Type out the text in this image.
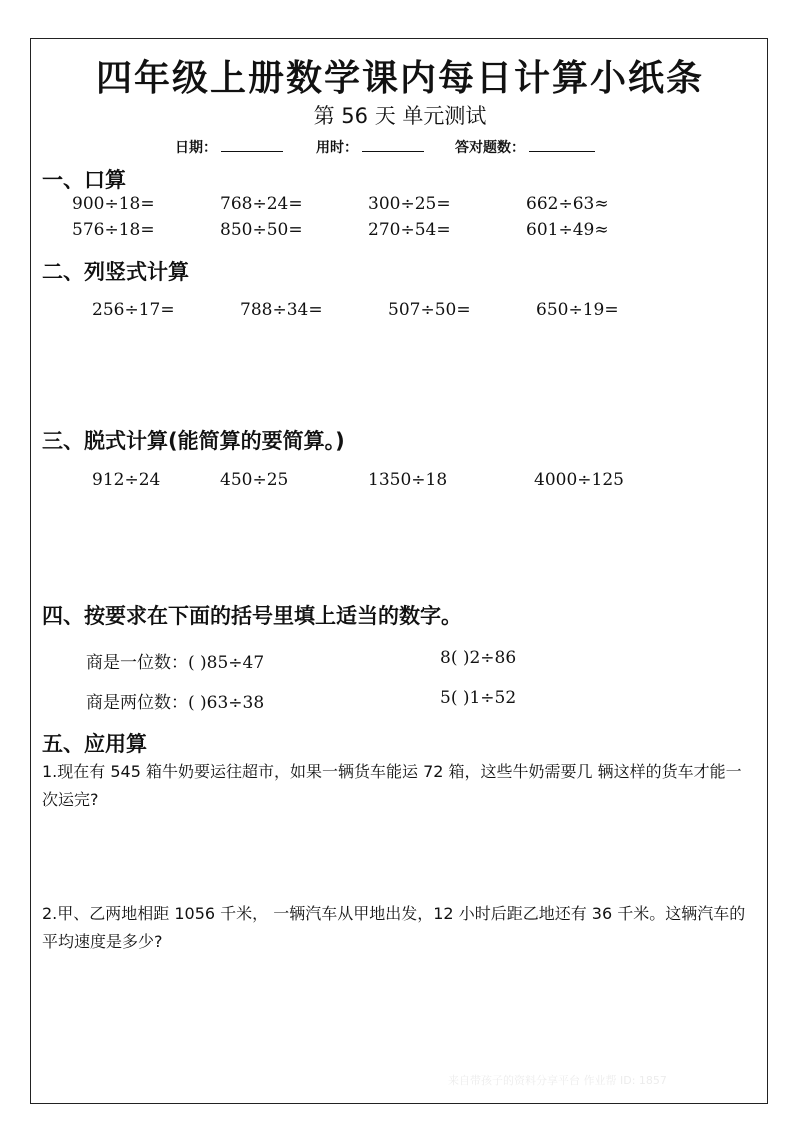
四年级上册数学课内每日计算小纸条
第 56 天 单元测试
日期：	用时：	答对题数：
一、口算
900÷18=	768÷24=	300÷25=	662÷63≈
576÷18=	850÷50=	270÷54=	601÷49≈
二、列竖式计算
256÷17=	788÷34=	507÷50=	650÷19=
三、脱式计算(能简算的要简算。)
912÷24	450÷25	1350÷18	4000÷125
四、按要求在下面的括号里填上适当的数字。
商是一位数：( )85÷47	8( )2÷86
商是两位数：( )63÷38	5( )1÷52
五、应用算
1.现在有 545 箱牛奶要运往超市，如果一辆货车能运 72 箱，这些牛奶需要几 辆这样的货车才能一次运完?
2.甲、乙两地相距 1056 千米， 一辆汽车从甲地出发，12 小时后距乙地还有 36 千米。这辆汽车的平均速度是多少?
来自带孩子的资料分享平台 作业帮 ID: 1857
